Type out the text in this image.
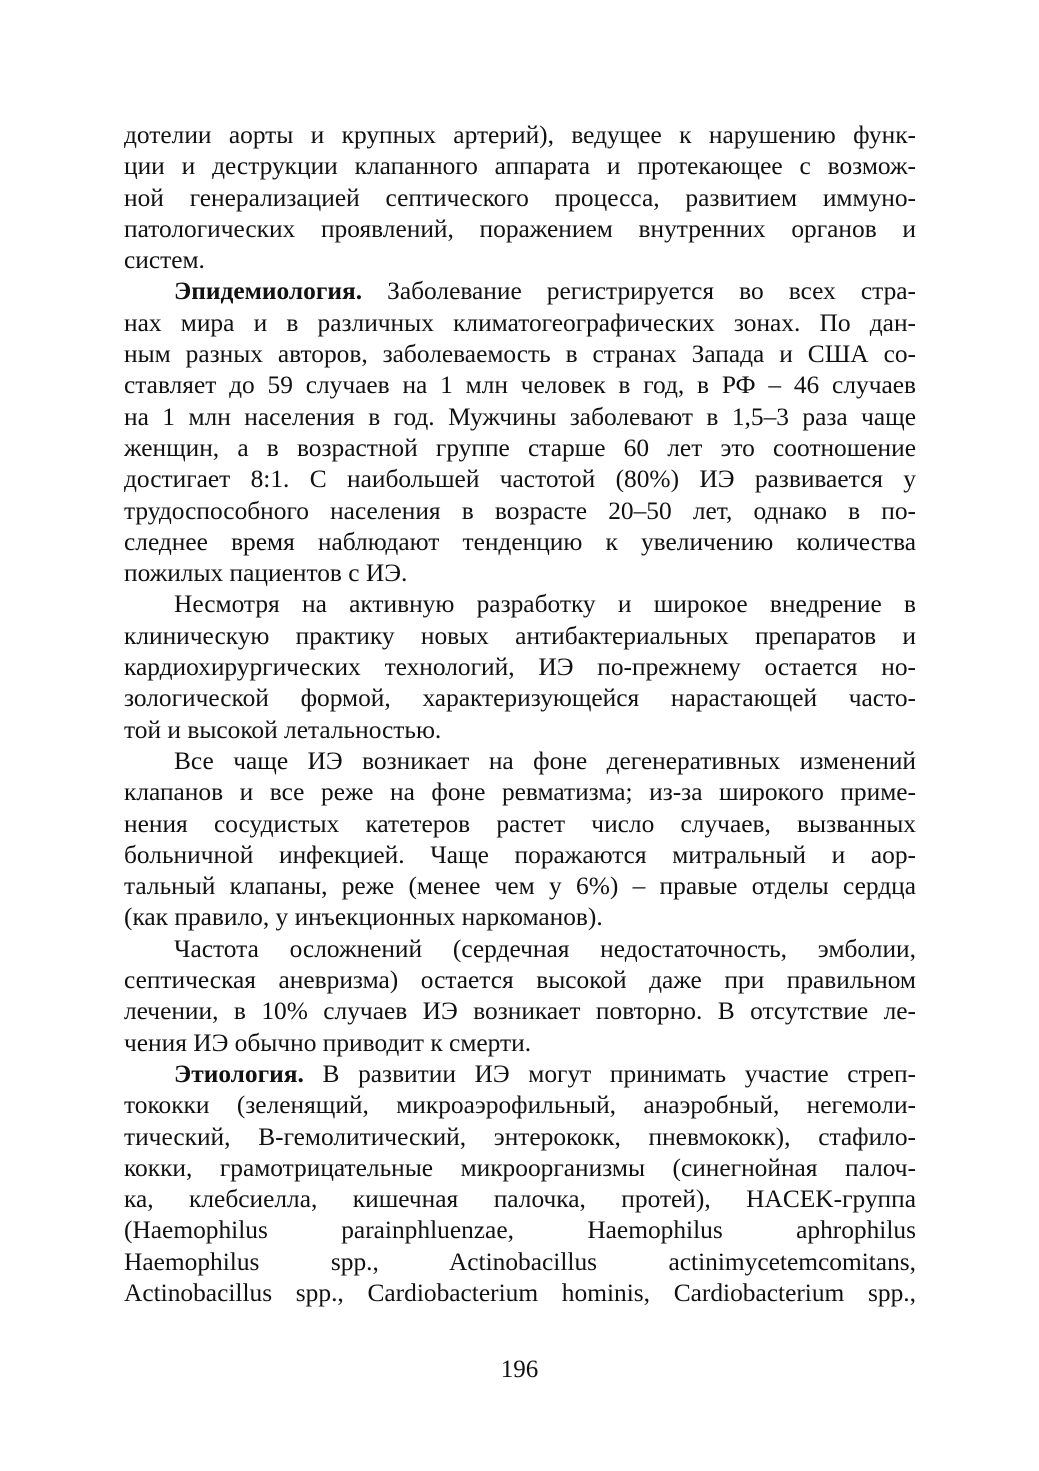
дотелии аорты и крупных артерий), ведущее к нарушению функ-
ции и деструкции клапанного аппарата и протекающее с возмож-
ной генерализацией септического процесса, развитием иммуно-
патологических проявлений, поражением внутренних органов и
систем.
Эпидемиология. Заболевание регистрируется во всех стра-
нах мира и в различных климатогеографических зонах. По дан-
ным разных авторов, заболеваемость в странах Запада и США со-
ставляет до 59 случаев на 1 млн человек в год, в РФ – 46 случаев
на 1 млн населения в год. Мужчины заболевают в 1,5–3 раза чаще
женщин, а в возрастной группе старше 60 лет это соотношение
достигает 8:1. С наибольшей частотой (80%) ИЭ развивается у
трудоспособного населения в возрасте 20–50 лет, однако в по-
следнее время наблюдают тенденцию к увеличению количества
пожилых пациентов с ИЭ.
Несмотря на активную разработку и широкое внедрение в
клиническую практику новых антибактериальных препаратов и
кардиохирургических технологий, ИЭ по-прежнему остается но-
зологической формой, характеризующейся нарастающей часто-
той и высокой летальностью.
Все чаще ИЭ возникает на фоне дегенеративных изменений
клапанов и все реже на фоне ревматизма; из-за широкого приме-
нения сосудистых катетеров растет число случаев, вызванных
больничной инфекцией. Чаще поражаются митральный и аор-
тальный клапаны, реже (менее чем у 6%) – правые отделы сердца
(как правило, у инъекционных наркоманов).
Частота осложнений (сердечная недостаточность, эмболии,
септическая аневризма) остается высокой даже при правильном
лечении, в 10% случаев ИЭ возникает повторно. В отсутствие ле-
чения ИЭ обычно приводит к смерти.
Этиология. В развитии ИЭ могут принимать участие стреп-
тококки (зеленящий, микроаэрофильный, анаэробный, негемоли-
тический, В-гемолитический, энтерококк, пневмококк), стафило-
кокки, грамотрицательные микроорганизмы (синегнойная палоч-
ка, клебсиелла, кишечная палочка, протей), HACEK-группа
(Haemophilus parainphluenzae, Haemophilus aphrophilus
Haemophilus spp., Actinobacillus actinimycetemcomitans,
Actinobacillus spp., Cardiobacterium hominis, Cardiobacterium spp.,
196
